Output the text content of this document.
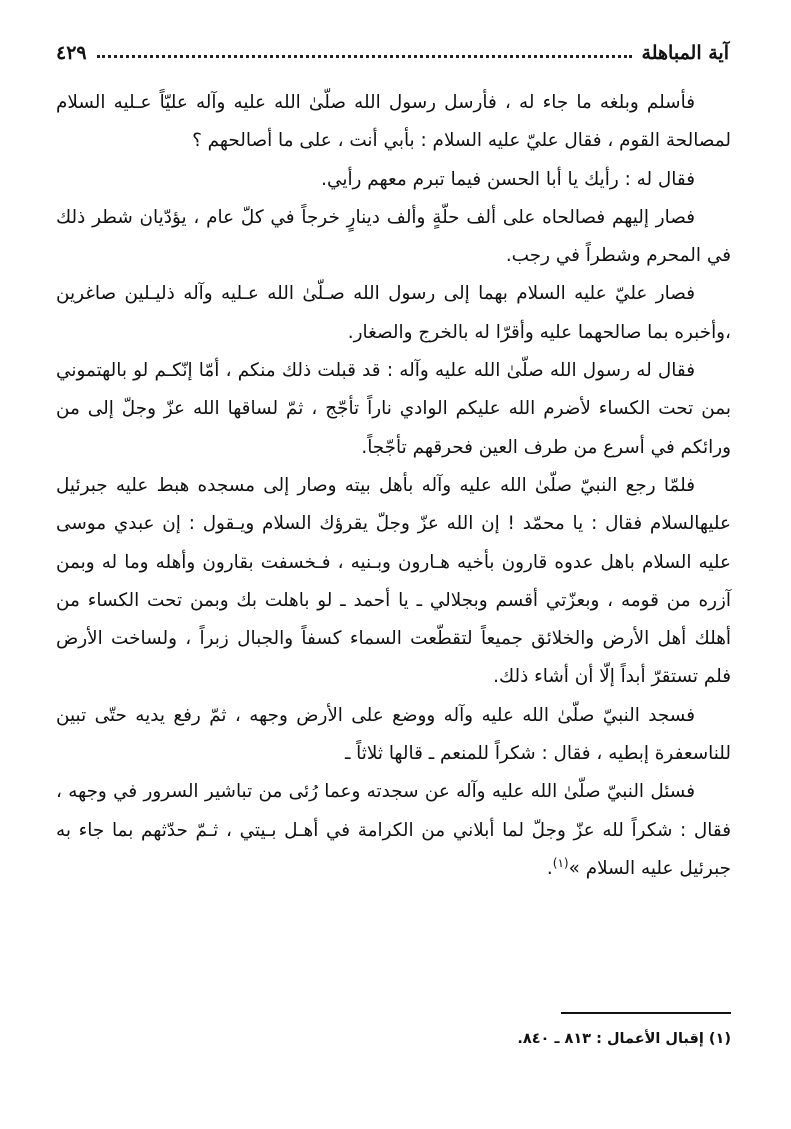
آية المباهلة
٤٢٩

فأسلم وبلغه ما جاء له ، فأرسل رسول الله صلّىٰ الله عليه وآله عليّاً عـليه السلام لمصالحة القوم ، فقال عليّ عليه السلام : بأبي أنت ، على ما أصالحهم ؟

فقال له : رأيك يا أبا الحسن فيما تبرم معهم رأيي.

فصار إليهم فصالحاه على ألف حلّةٍ وألف دينارٍ خرجاً في كلّ عام ، يؤدّيان شطر ذلك في المحرم وشطراً في رجب.

فصار عليّ عليه السلام بهما إلى رسول الله صـلّىٰ الله عـليه وآله ذليـلين صاغرين ،وأخبره بما صالحهما عليه وأقرّا له بالخرج والصغار.

فقال له رسول الله صلّىٰ الله عليه وآله : قد قبلت ذلك منكم ، أمّا إنّكـم لو بالهتموني بمن تحت الكساء لأضرم الله عليكم الوادي ناراً تأجّج ، ثمّ لساقها الله عزّ وجلّ إلى من ورائكم في أسرع من طرف العين فحرقهم تأجّجاً.

فلمّا رجع النبيّ صلّىٰ الله عليه وآله بأهل بيته وصار إلى مسجده هبط عليه جبرئيل عليهالسلام فقال : يا محمّد ! إن الله عزّ وجلّ يقرؤك السلام ويـقول : إن عبدي موسى عليه السلام باهل عدوه قارون بأخيه هـارون وبـنيه ، فـخسفت بقارون وأهله وما له وبمن آزره من قومه ، وبعزّتي أقسم وبجلالي ـ يا أحمد ـ لو باهلت بك وبمن تحت الكساء من أهلك أهل الأرض والخلائق جميعاً لتقطّعت السماء كسفاً والجبال زبراً ، ولساخت الأرض فلم تستقرّ أبداً إلّا أن أشاء ذلك.

فسجد النبيّ صلّىٰ الله عليه وآله ووضع على الأرض وجهه ، ثمّ رفع يديه حتّى تبين للناسعفرة إبطيه ، فقال : شكراً للمنعم ـ قالها ثلاثاً ـ

فسئل النبيّ صلّىٰ الله عليه وآله عن سجدته وعما رُئى من تباشير السرور في وجهه ، فقال : شكراً لله عزّ وجلّ لما أبلاني من الكرامة في أهـل بـيتي ، ثـمّ حدّثهم بما جاء به جبرئيل عليه السلام »$^{(١)}$.

(١) إقبال الأعمال : ٨١٣ ـ ٨٤٠.
